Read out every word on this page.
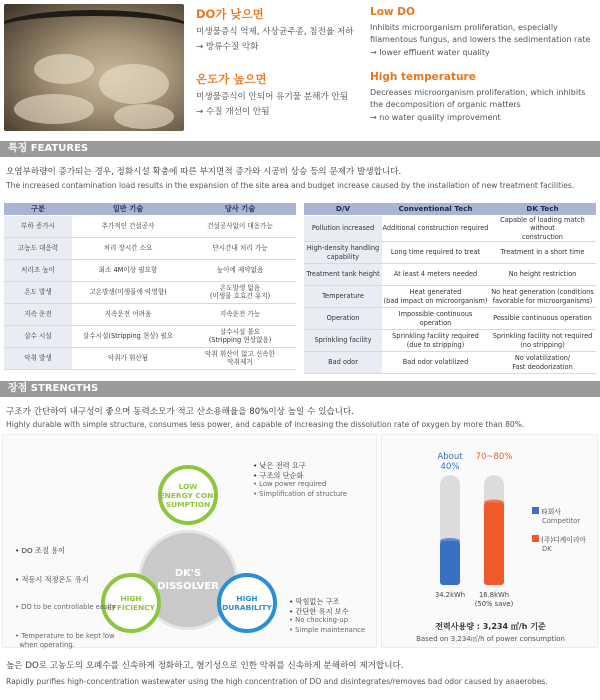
DO가 낮으면
미생물증식 억제, 사상균주종, 침전율 저하
→ 방류수질 악화
Low DO
Inhibits microorganism proliferation, especially
filamentous fungus, and lowers the sedimentation rate
→ lower effluent water quality
온도가 높으면
미생물증식이 안되어 유기물 분해가 안됨
→ 수질 개선이 안됨
High temperature
Decreases microorganism proliferation, which inhibits
the decomposition of organic matters
→ no water quality improvement
특징 FEATURES
오염부하량이 증가되는 경우, 정화시설 확충에 따른 부지면적 증가와 시공비 상승 등의 문제가 발생합니다.
The increased contamination load results in the expansion of the site area and budget increase caused by the installation of new treatment facilities.
구분	일반 기술	당사 기술
부하 증가시	추가적인 건설공사	건설공사없이 대응가능
고농도 대응력	처리 장시간 소요	단시간내 처리 가능
처리조 높이	최소 4M이상 필요함	높이에 제약없음
온도 발생	고온발생(미생물에 악영향)	온도발생 없음
(미생물 호효건 유지)
지속 운전	지속운전 어려움	지속운전 가능
살수 시설	살수시설(Stripping 현상) 필요	살수시설 불요
(Stripping 현상없음)
악취 발생	악취가 휘산됨	악취 휘산이 없고 신속한
악취제거
D/V	Conventional Tech	DK Tech
Pollution increased	Additional construction required	Capable of loading match without
construction
High-density handling
capability	Long time required to treat	Treatment in a short time
Treatment tank height	At least 4 meters needed	No height restriction
Temperature	Heat generated
(bad impact on microorganism)	No heat generation (conditions
favorable for microorganisms)
Operation	Impossible continuous operation	Possible continuous operation
Sprinkling facility	Sprinkling facility required
(due to stripping)	Sprinkling facility not required
(no stripping)
Bad odor	Bad odor volatilized	No volatilization/
Fast deodorization
장점 STRENGTHS
구조가 간단하여 내구성이 좋으며 동력소모가 적고 산소용해율을 80%이상 높일 수 있습니다.
Highly durable with simple structure, consumes less power, and capable of increasing the dissolution rate of oxygen by more than 80%.
DK'S
DISSOLVER
LOW
ENERGY CON-
SUMPTION
HIGH
EFFICIENCY
HIGH
DURABILITY
• 낮은 전력 요구
• 구조의 단순화
• Low power required
• Simplification of structure

• DO 조절 용이

• 적동시 적정온도 유지

• DO to be controllable easily

• Temperature to be kept low
when operating.

• 막힘없는 구조
• 간단한 유지 보수
• No chocking-up
• Simple maintenance
About
40%
34.2kWh
70~80%
16.8kWh
(50% save)
타회사
Competitor
(주)디케이리아
DK
전력사용량 : 3,234 ㎥/h 기준
Based on 3,234㎥/h of power consumption
높은 DO로 고농도의 오폐수를 신속하게 정화하고, 혐기성으로 인한 악취를 신속하게 분해하여 제거합니다.
Rapidly purifies high-concentration wastewater using the high concentration of DO and disintegrates/removes bad odor caused by anaerobes.
